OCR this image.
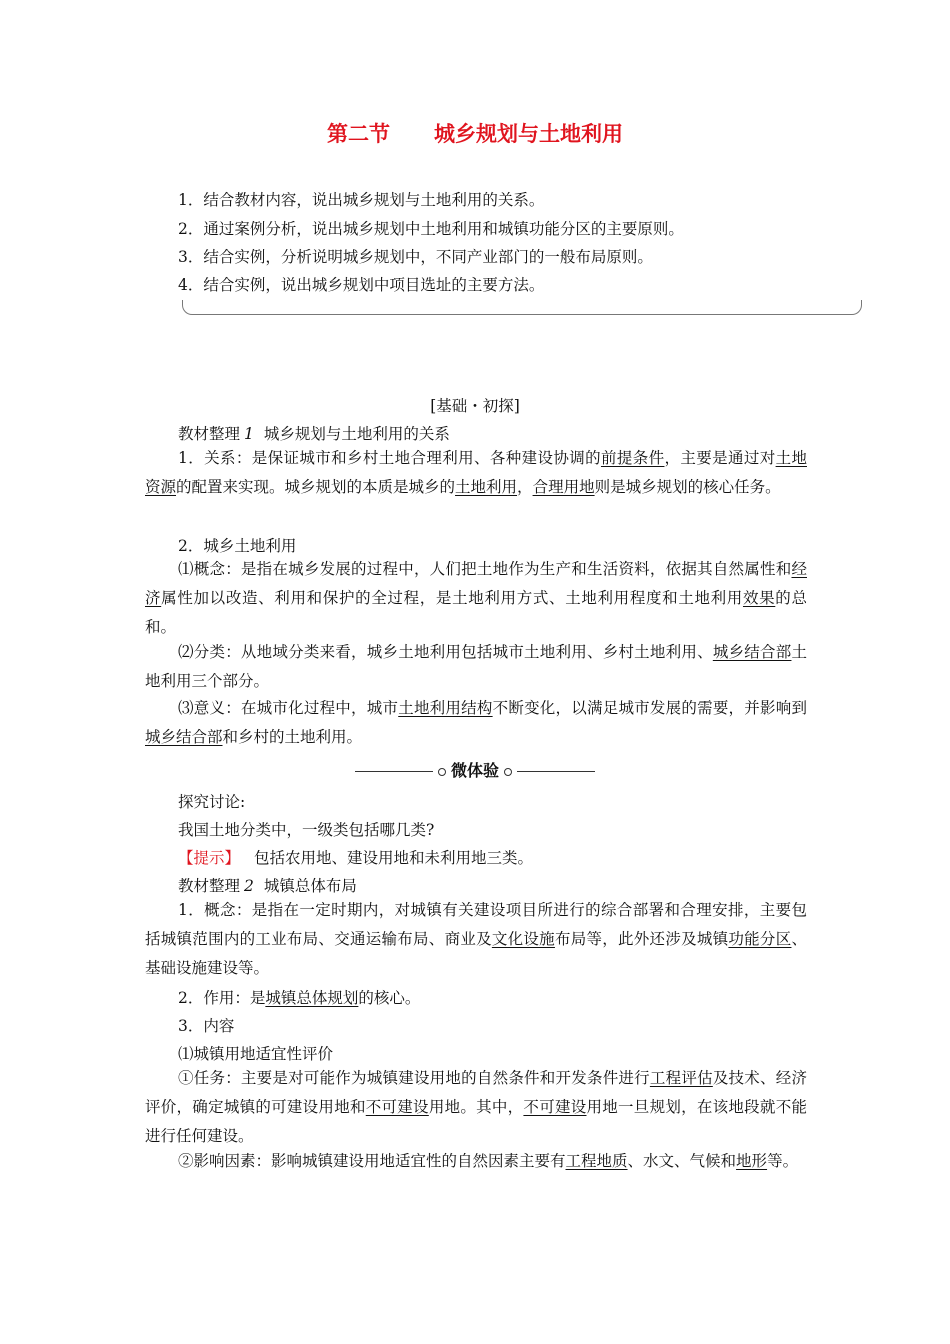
第二节 城乡规划与土地利用
1．结合教材内容，说出城乡规划与土地利用的关系。
2．通过案例分析，说出城乡规划中土地利用和城镇功能分区的主要原则。
3．结合实例，分析说明城乡规划中，不同产业部门的一般布局原则。
4．结合实例，说出城乡规划中项目选址的主要方法。
[基础・初探]
教材整理 1 城乡规划与土地利用的关系
1．关系：是保证城市和乡村土地合理利用、各种建设协调的前提条件，主要是通过对土地资源的配置来实现。城乡规划的本质是城乡的土地利用，合理用地则是城乡规划的核心任务。
2．城乡土地利用
⑴概念：是指在城乡发展的过程中，人们把土地作为生产和生活资料，依据其自然属性和经济属性加以改造、利用和保护的全过程，是土地利用方式、土地利用程度和土地利用效果的总和。
⑵分类：从地域分类来看，城乡土地利用包括城市土地利用、乡村土地利用、城乡结合部土地利用三个部分。
⑶意义：在城市化过程中，城市土地利用结构不断变化，以满足城市发展的需要，并影响到城乡结合部和乡村的土地利用。
微体验
探究讨论:
我国土地分类中，一级类包括哪几类?
【提示】 包括农用地、建设用地和未利用地三类。
教材整理 2 城镇总体布局
1．概念：是指在一定时期内，对城镇有关建设项目所进行的综合部署和合理安排，主要包括城镇范围内的工业布局、交通运输布局、商业及文化设施布局等，此外还涉及城镇功能分区、基础设施建设等。
2．作用：是城镇总体规划的核心。
3．内容
⑴城镇用地适宜性评价
①任务：主要是对可能作为城镇建设用地的自然条件和开发条件进行工程评估及技术、经济评价，确定城镇的可建设用地和不可建设用地。其中，不可建设用地一旦规划，在该地段就不能进行任何建设。
②影响因素：影响城镇建设用地适宜性的自然因素主要有工程地质、水文、气候和地形等。
